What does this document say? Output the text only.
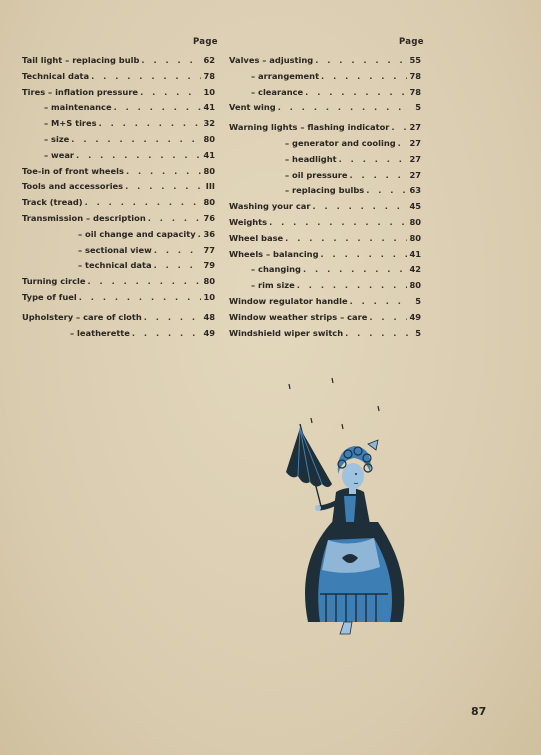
Page
Tail light – replacing bulb . . .	62
Technical data . . .	78
Tires – inflation pressure . . .	10
– maintenance . . .	41
– M+S tires . . .	32
– size . . .	80
– wear . . .	41
Toe-in of front wheels . . .	80
Tools and accessories . . .	III
Track (tread) . . .	80
Transmission – description . . .	76
– oil change and capacity . . . 36
– sectional view . . .	77
– technical data . . .	79
Turning circle . . .	80
Type of fuel . . .	10
Upholstery – care of cloth . . .	48
– leatherette . . .	49
Page
Valves – adjusting . . .	55
– arrangement . . .	78
– clearance . . .	78
Vent wing . . .	5
Warning lights – flashing indicator . . . 27
– generator and cooling . . . 27
– headlight . . .	27
– oil pressure . . .	27
– replacing bulbs . . .	63
Washing your car . . .	45
Weights . . .	80
Wheel base . . .	80
Wheels – balancing . . .	41
– changing . . .	42
– rim size . . .	80
Window regulator handle . . .	5
Window weather strips – care . . .	49
Windshield wiper switch . . .	5
87
